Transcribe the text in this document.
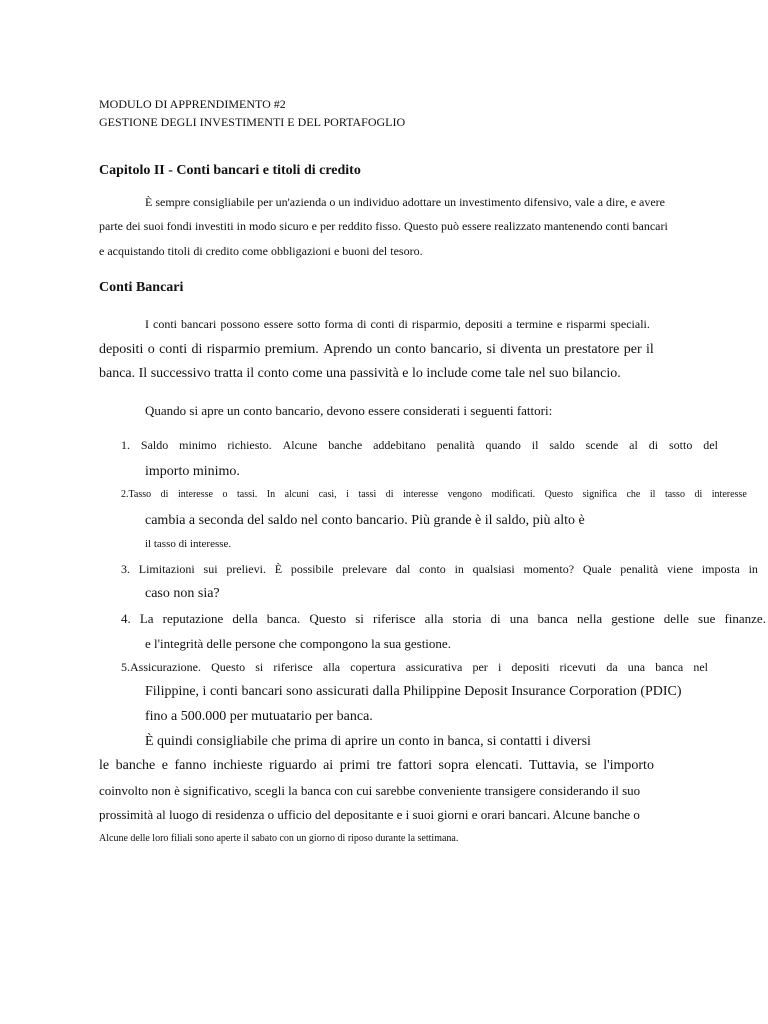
MODULO DI APPRENDIMENTO #2
GESTIONE DEGLI INVESTIMENTI E DEL PORTAFOGLIO
Capitolo II - Conti bancari e titoli di credito
È sempre consigliabile per un'azienda o un individuo adottare un investimento difensivo, vale a dire, e avere
parte dei suoi fondi investiti in modo sicuro e per reddito fisso. Questo può essere realizzato mantenendo conti bancari
e acquistando titoli di credito come obbligazioni e buoni del tesoro.
Conti Bancari
I conti bancari possono essere sotto forma di conti di risparmio, depositi a termine e risparmi speciali.
depositi o conti di risparmio premium. Aprendo un conto bancario, si diventa un prestatore per il
banca. Il successivo tratta il conto come una passività e lo include come tale nel suo bilancio.
Quando si apre un conto bancario, devono essere considerati i seguenti fattori:
1. Saldo minimo richiesto. Alcune banche addebitano penalità quando il saldo scende al di sotto del
importo minimo.
2.Tasso di interesse o tassi. In alcuni casi, i tassi di interesse vengono modificati. Questo significa che il tasso di interesse
cambia a seconda del saldo nel conto bancario. Più grande è il saldo, più alto è
il tasso di interesse.
3. Limitazioni sui prelievi. È possibile prelevare dal conto in qualsiasi momento? Quale penalità viene imposta in
caso non sia?
4. La reputazione della banca. Questo si riferisce alla storia di una banca nella gestione delle sue finanze.
e l'integrità delle persone che compongono la sua gestione.
5.Assicurazione. Questo si riferisce alla copertura assicurativa per i depositi ricevuti da una banca nel
Filippine, i conti bancari sono assicurati dalla Philippine Deposit Insurance Corporation (PDIC)
fino a 500.000 per mutuatario per banca.
È quindi consigliabile che prima di aprire un conto in banca, si contatti i diversi
le banche e fanno inchieste riguardo ai primi tre fattori sopra elencati. Tuttavia, se l'importo
coinvolto non è significativo, scegli la banca con cui sarebbe conveniente transigere considerando il suo
prossimità al luogo di residenza o ufficio del depositante e i suoi giorni e orari bancari. Alcune banche o
Alcune delle loro filiali sono aperte il sabato con un giorno di riposo durante la settimana.
